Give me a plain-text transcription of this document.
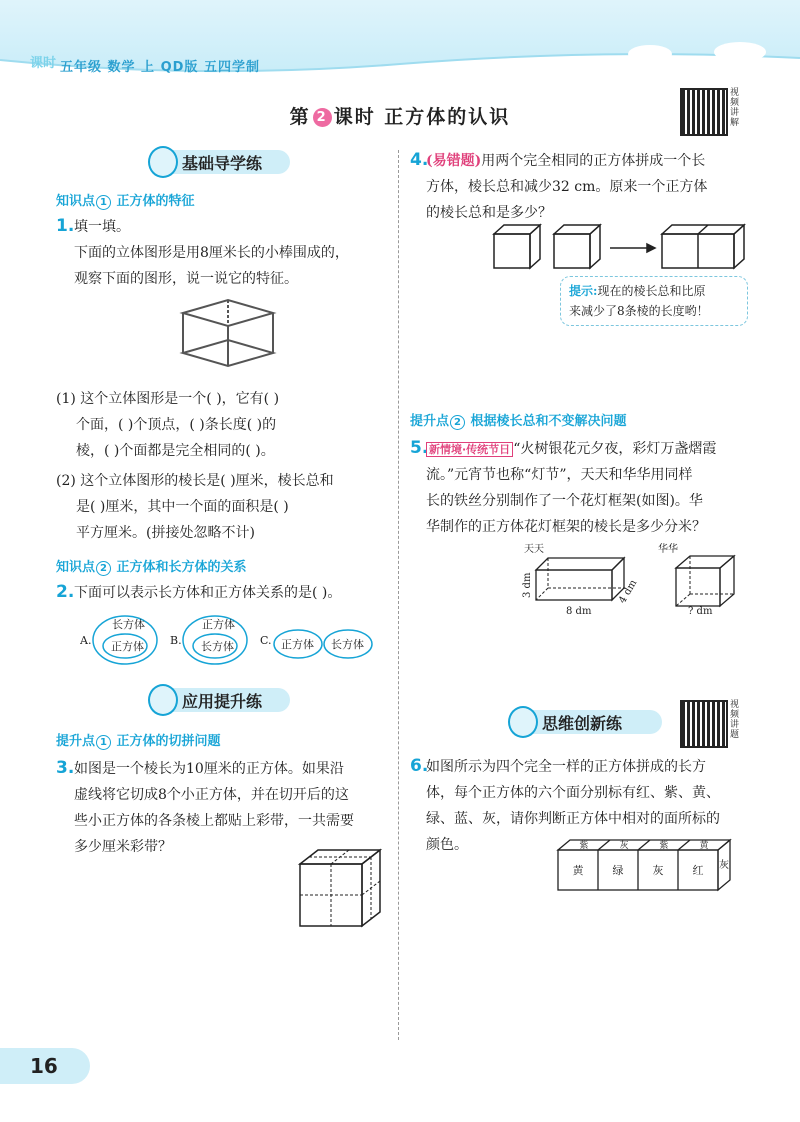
课时 五年级 数学 上 QD版 五四学制
第 2 课时 正方体的认识
视频讲解
基础导学练
知识点 1 正方体的特征
1. 填一填。
下面的立体图形是用8厘米长的小棒围成的，
观察下面的图形，说一说它的特征。
(1) 这个立体图形是一个( )，它有( )
个面，( )个顶点，( )条长度( )的
棱，( )个面都是完全相同的( )。
(2) 这个立体图形的棱长是( )厘米，棱长总和
是( )厘米，其中一个面的面积是( )
平方厘米。(拼接处忽略不计)
知识点 2 正方体和长方体的关系
2. 下面可以表示长方体和正方体关系的是( )。
A.
长方体
正方体 B.
正方体
长方体 C. 正方体 长方体
应用提升练
提升点 1 正方体的切拼问题
3. 如图是一个棱长为10厘米的正方体。如果沿
虚线将它切成8个小正方体，并在切开后的这
些小正方体的各条棱上都贴上彩带，一共需要
多少厘米彩带？
4.
(易错题)用两个完全相同的正方体拼成一个长
方体，棱长总和减少32 cm。原来一个正方体
的棱长总和是多少？
提示:现在的棱长总和比原
来减少了8条棱的长度哟！
提升点 2 根据棱长总和不变解决问题
5. 新情境·传统节日 “火树银花元夕夜，彩灯万盏熠霞
流。”元宵节也称“灯节”，天天和华华用同样
长的铁丝分别制作了一个花灯框架(如图)。华
华制作的正方体花灯框架的棱长是多少分米？
天天	华华
8 dm
3 dm	4 dm
? dm
思维创新练
视频讲题
6.
如图所示为四个完全一样的正方体拼成的长方
体，每个正方体的六个面分别标有红、紫、黄、
绿、蓝、灰，请你判断正方体中相对的面所标的
颜色。	紫	灰	紫	黄
黄	绿	灰	红 灰
16
